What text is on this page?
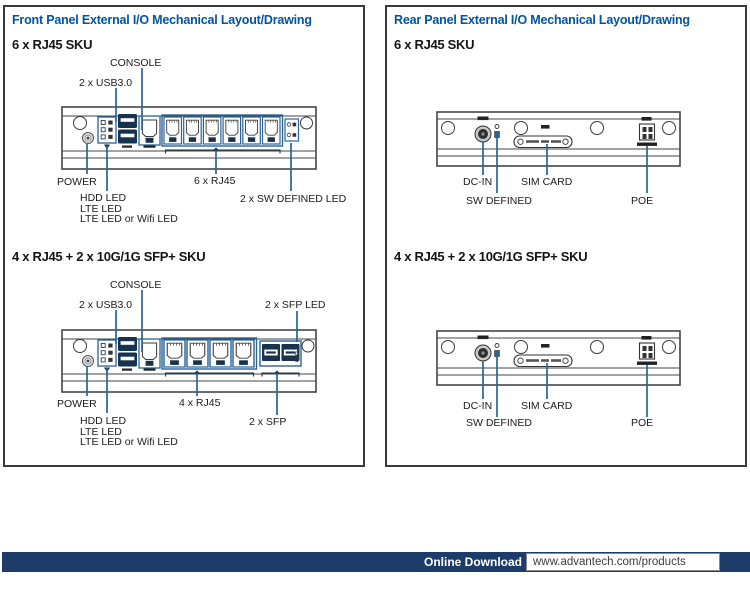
Front Panel External I/O Mechanical Layout/Drawing
6 x RJ45 SKU
CONSOLE
2 x USB3.0
POWER
HDD LED
LTE LED
LTE LED or Wifi LED
6 x RJ45
2 x SW DEFINED LED
4 x RJ45 + 2 x 10G/1G SFP+ SKU
CONSOLE
2 x USB3.0	2 x SFP LED
POWER
HDD LED
LTE LED
LTE LED or Wifi LED
4 x RJ45
2 x SFP
Rear Panel External I/O Mechanical Layout/Drawing
6 x RJ45 SKU
DC-IN
SW DEFINED
SIM CARD
POE
4 x RJ45 + 2 x 10G/1G SFP+ SKU
DC-IN
SW DEFINED
SIM CARD
POE
Online Download www.advantech.com/products
